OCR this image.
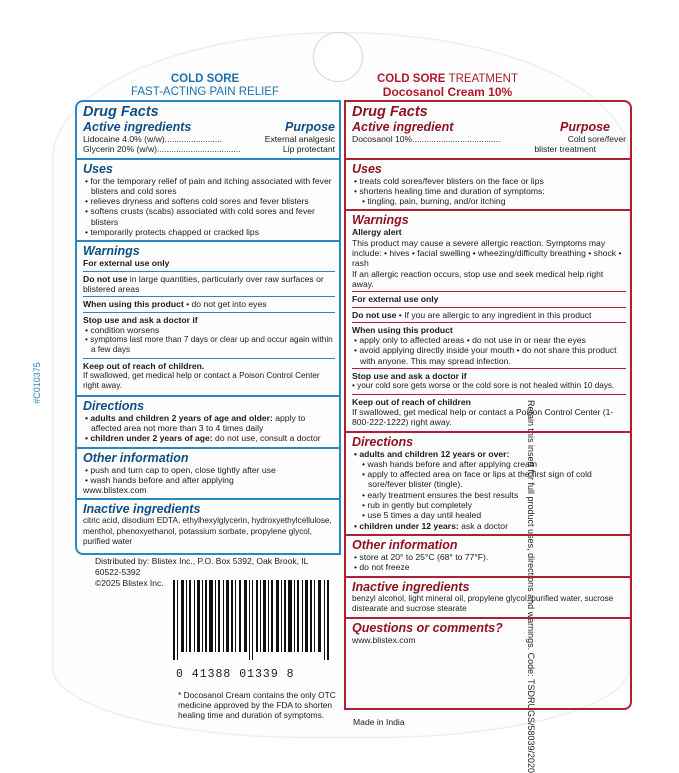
#C010375
Retain this insert for full product uses, directions and warnings. Code: TSDRUGS/58039/2020
COLD SORE
FAST-ACTING PAIN RELIEF
COLD SORE TREATMENT
Docosanol Cream 10%
Drug Facts
Active ingredients	Purpose
Lidocaine 4.0% (w/w)........................	External analgesic
Glycerin 20% (w/w)...................................	Lip protectant
Uses
• for the temporary relief of pain and itching associated with fever blisters and cold sores
• relieves dryness and softens cold sores and fever blisters
• softens crusts (scabs) associated with cold sores and fever blisters
• temporarily protects chapped or cracked lips
Warnings
For external use only
Do not use in large quantities, particularly over raw surfaces or blistered areas
When using this product • do not get into eyes
Stop use and ask a doctor if
• condition worsens
• symptoms last more than 7 days or clear up and occur again within a few days
Keep out of reach of children.
If swallowed, get medical help or contact a Poison Control Center right away.
Directions
• adults and children 2 years of age and older: apply to affected area not more than 3 to 4 times daily
• children under 2 years of age: do not use, consult a doctor
Other information
• push and turn cap to open, close tightly after use
• wash hands before and after applying
www.blistex.com
Inactive ingredients
citric acid, disodium EDTA, ethylhexylglycerin, hydroxyethylcellulose, menthol, phenoxyethanol, potassium sorbate, propylene glycol, purified water
Distributed by: Blistex Inc., P.O. Box 5392, Oak Brook, IL 60522-5392
©2025 Blistex Inc.
0 41388 01339 8
* Docosanol Cream contains the only OTC medicine approved by the FDA to shorten healing time and duration of symptoms.
Drug Facts
Active ingredient	Purpose
Docosanol 10%.....................................	Cold sore/fever
blister treatment
Uses
• treats cold sores/fever blisters on the face or lips
• shortens healing time and duration of symptoms:
• tingling, pain, burning, and/or itching
Warnings
Allergy alert
This product may cause a severe allergic reaction. Symptoms may include: • hives • facial swelling • wheezing/difficulty breathing • shock • rash
If an allergic reaction occurs, stop use and seek medical help right away.
For external use only
Do not use • If you are allergic to any ingredient in this product
When using this product
• apply only to affected areas • do not use in or near the eyes
• avoid applying directly inside your mouth • do not share this product with anyone. This may spread infection.
Stop use and ask a doctor if
• your cold sore gets worse or the cold sore is not healed within 10 days.
Keep out of reach of children
If swallowed, get medical help or contact a Poison Control Center (1-800-222-1222) right away.
Directions
• adults and children 12 years or over:
• wash hands before and after applying cream
• apply to affected area on face or lips at the first sign of cold sore/fever blister (tingle).
• early treatment ensures the best results
• rub in gently but completely
• use 5 times a day until healed
• children under 12 years: ask a doctor
Other information
• store at 20° to 25°C (68° to 77°F).
• do not freeze
Inactive ingredients
benzyl alcohol, light mineral oil, propylene glycol, purified water, sucrose distearate and sucrose stearate
Questions or comments?
www.blistex.com
Made in India
